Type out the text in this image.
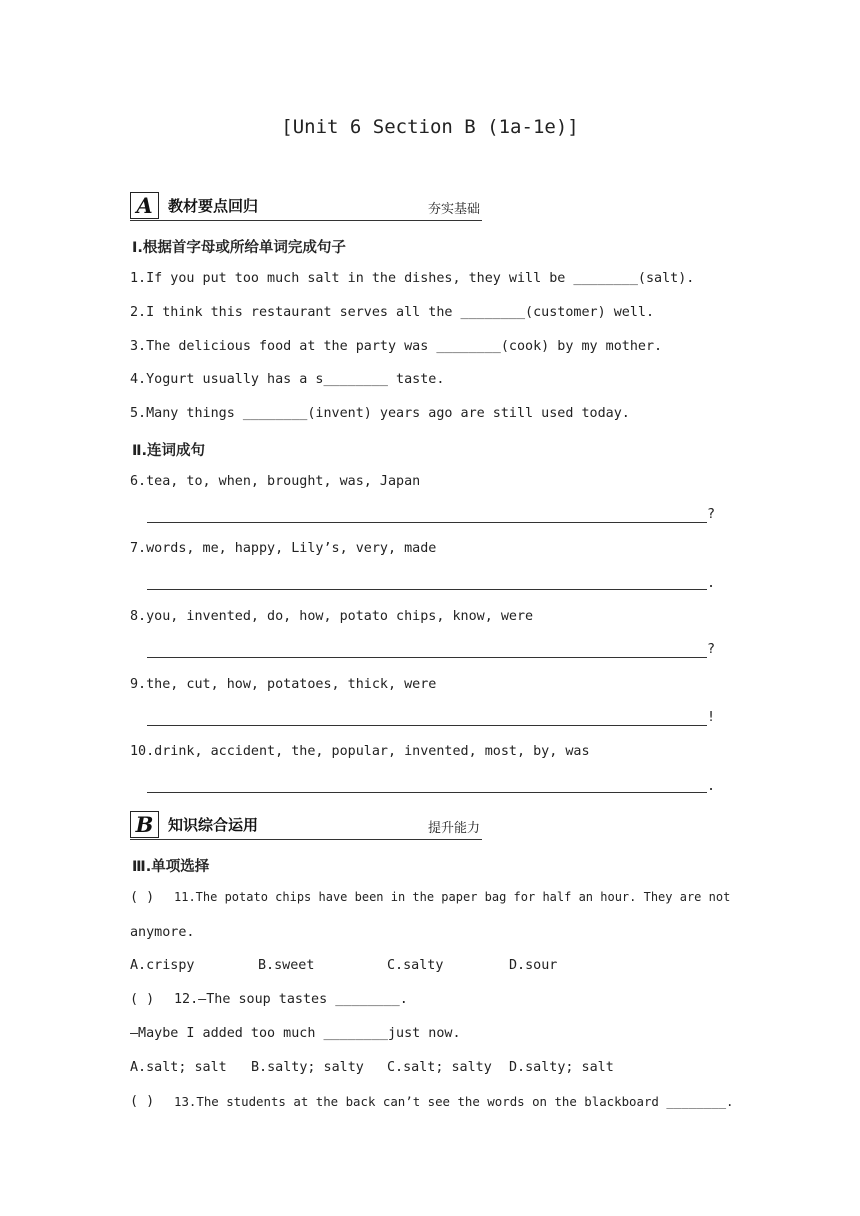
[Unit 6 Section B (1a-1e)]
A	教材要点回归	夯实基础
Ⅰ.根据首字母或所给单词完成句子
1.If you put too much salt in the dishes, they will be ________(salt).
2.I think this restaurant serves all the ________(customer) well.
3.The delicious food at the party was ________(cook) by my mother.
4.Yogurt usually has a s________ taste.
5.Many things ________(invent) years ago are still used today.
Ⅱ.连词成句
6.tea, to, when, brought, was, Japan
?
7.words, me, happy, Lily’s, very, made
.
8.you, invented, do, how, potato chips, know, were
?
9.the, cut, how, potatoes, thick, were
!
10.drink, accident, the, popular, invented, most, by, was
.
B 知识综合运用	提升能力
Ⅲ.单项选择
( ) 11.The potato chips have been in the paper bag for half an hour. They are not
anymore.
A.crispy	B.sweet	C.salty	D.sour
( ) 12.—The soup tastes ________.
—Maybe I added too much ________just now.
A.salt; salt B.salty; salty C.salt; salty D.salty; salt
( ) 13.The students at the back can’t see the words on the blackboard ________.
